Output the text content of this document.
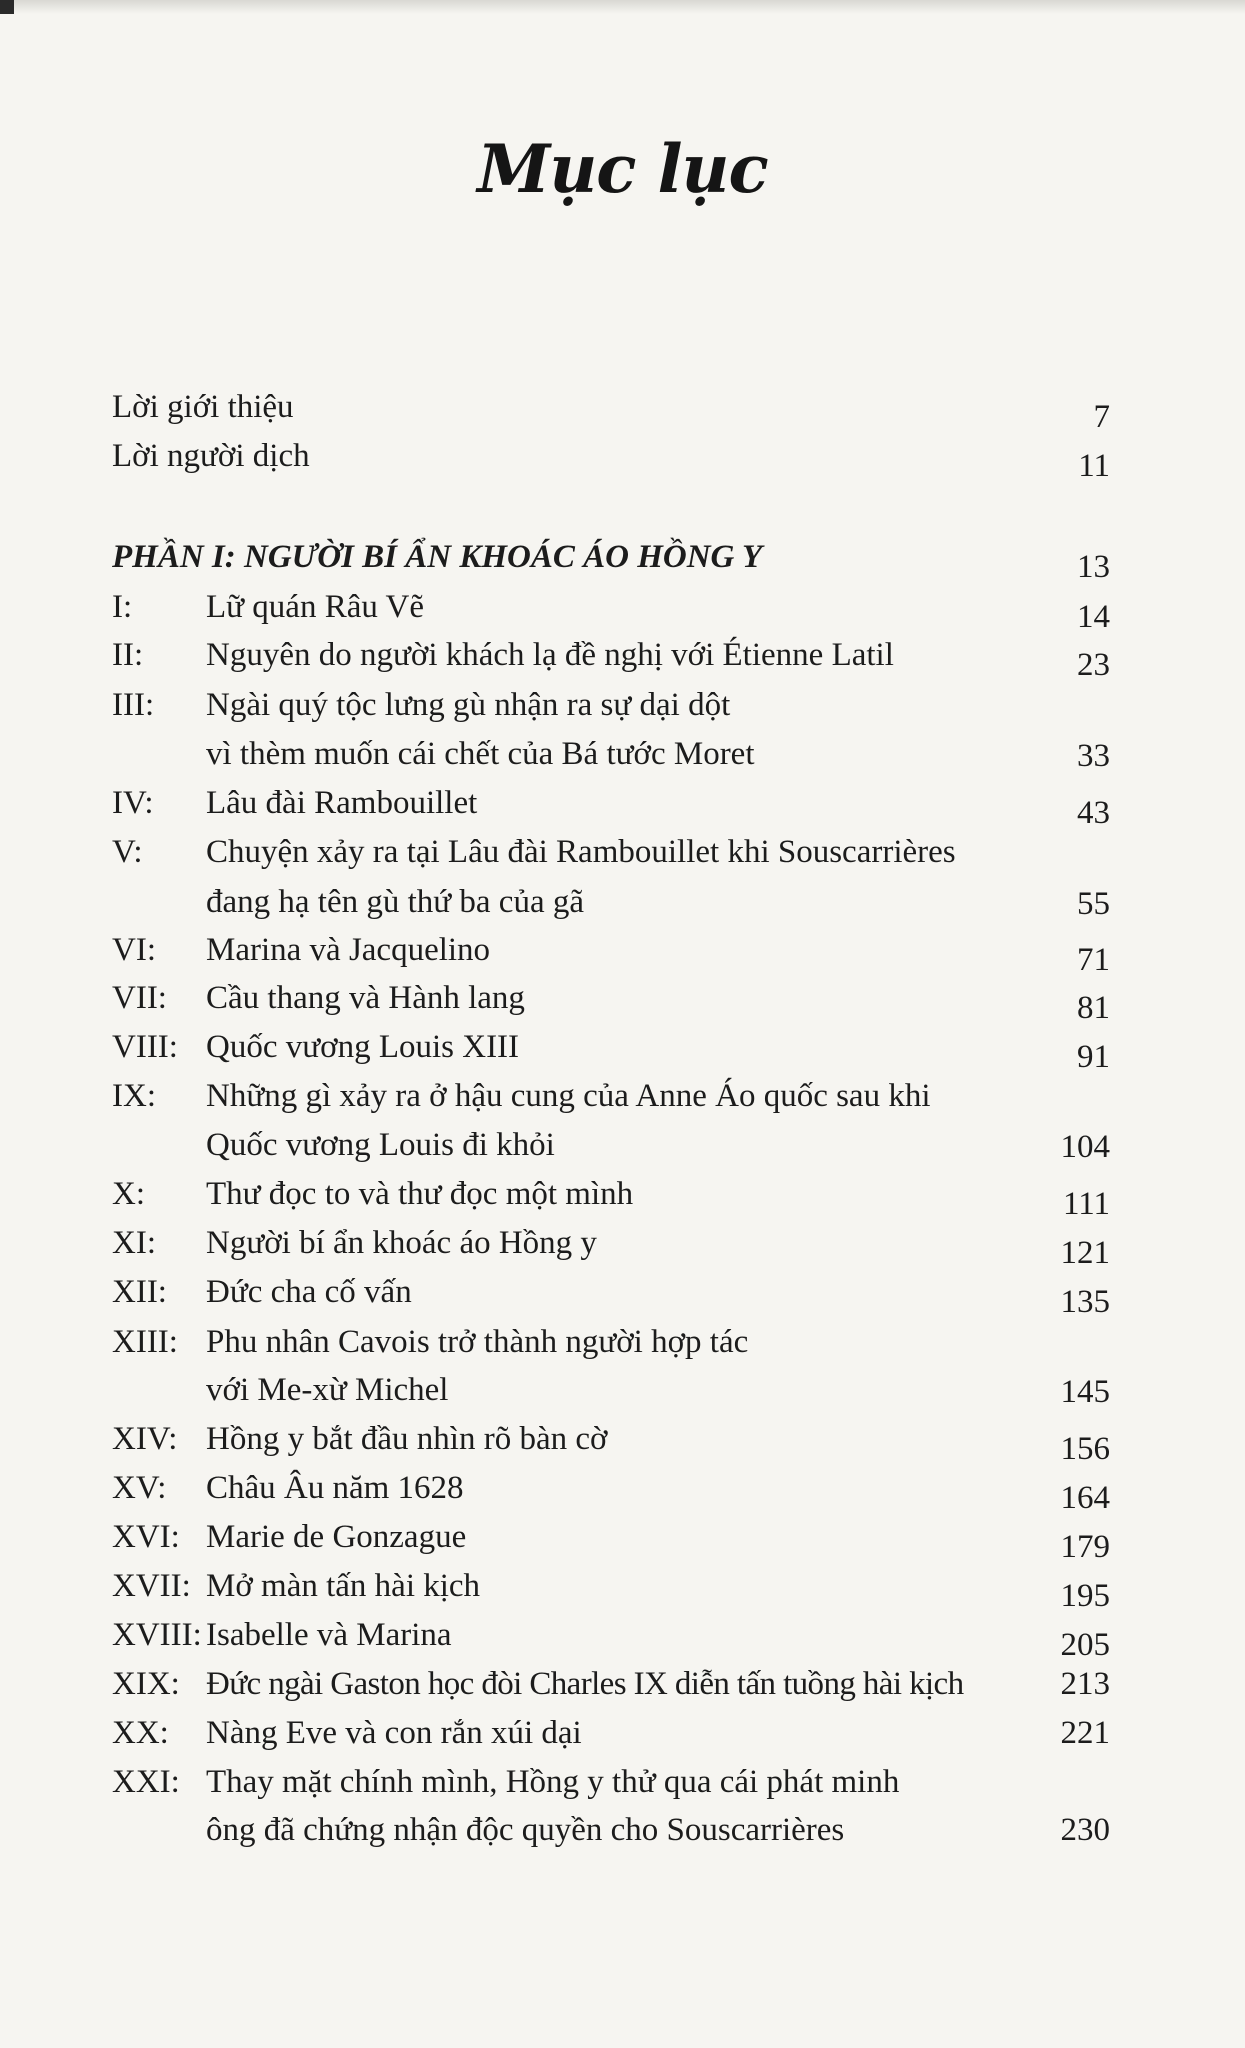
Mục lục
Lời giới thiệu	7
Lời người dịch	11
PHẦN I: NGƯỜI BÍ ẨN KHOÁC ÁO HỒNG Y	13
I: Lữ quán Râu Vẽ	14
II: Nguyên do người khách lạ đề nghị với Étienne Latil	23
III: Ngài quý tộc lưng gù nhận ra sự dại dột
vì thèm muốn cái chết của Bá tước Moret	33
IV: Lâu đài Rambouillet	43
V: Chuyện xảy ra tại Lâu đài Rambouillet khi Souscarrières
đang hạ tên gù thứ ba của gã	55
VI: Marina và Jacquelino	71
VII: Cầu thang và Hành lang	81
VIII: Quốc vương Louis XIII	91
IX: Những gì xảy ra ở hậu cung của Anne Áo quốc sau khi
Quốc vương Louis đi khỏi	104
X: Thư đọc to và thư đọc một mình	111
XI: Người bí ẩn khoác áo Hồng y	121
XII: Đức cha cố vấn	135
XIII: Phu nhân Cavois trở thành người hợp tác
với Me-xừ Michel	145
XIV: Hồng y bắt đầu nhìn rõ bàn cờ	156
XV: Châu Âu năm 1628	164
XVI: Marie de Gonzague	179
XVII: Mở màn tấn hài kịch	195
XVIII: Isabelle và Marina	205
XIX: Đức ngài Gaston học đòi Charles IX diễn tấn tuồng hài kịch	213
XX: Nàng Eve và con rắn xúi dại	221
XXI: Thay mặt chính mình, Hồng y thử qua cái phát minh
ông đã chứng nhận độc quyền cho Souscarrières	230
